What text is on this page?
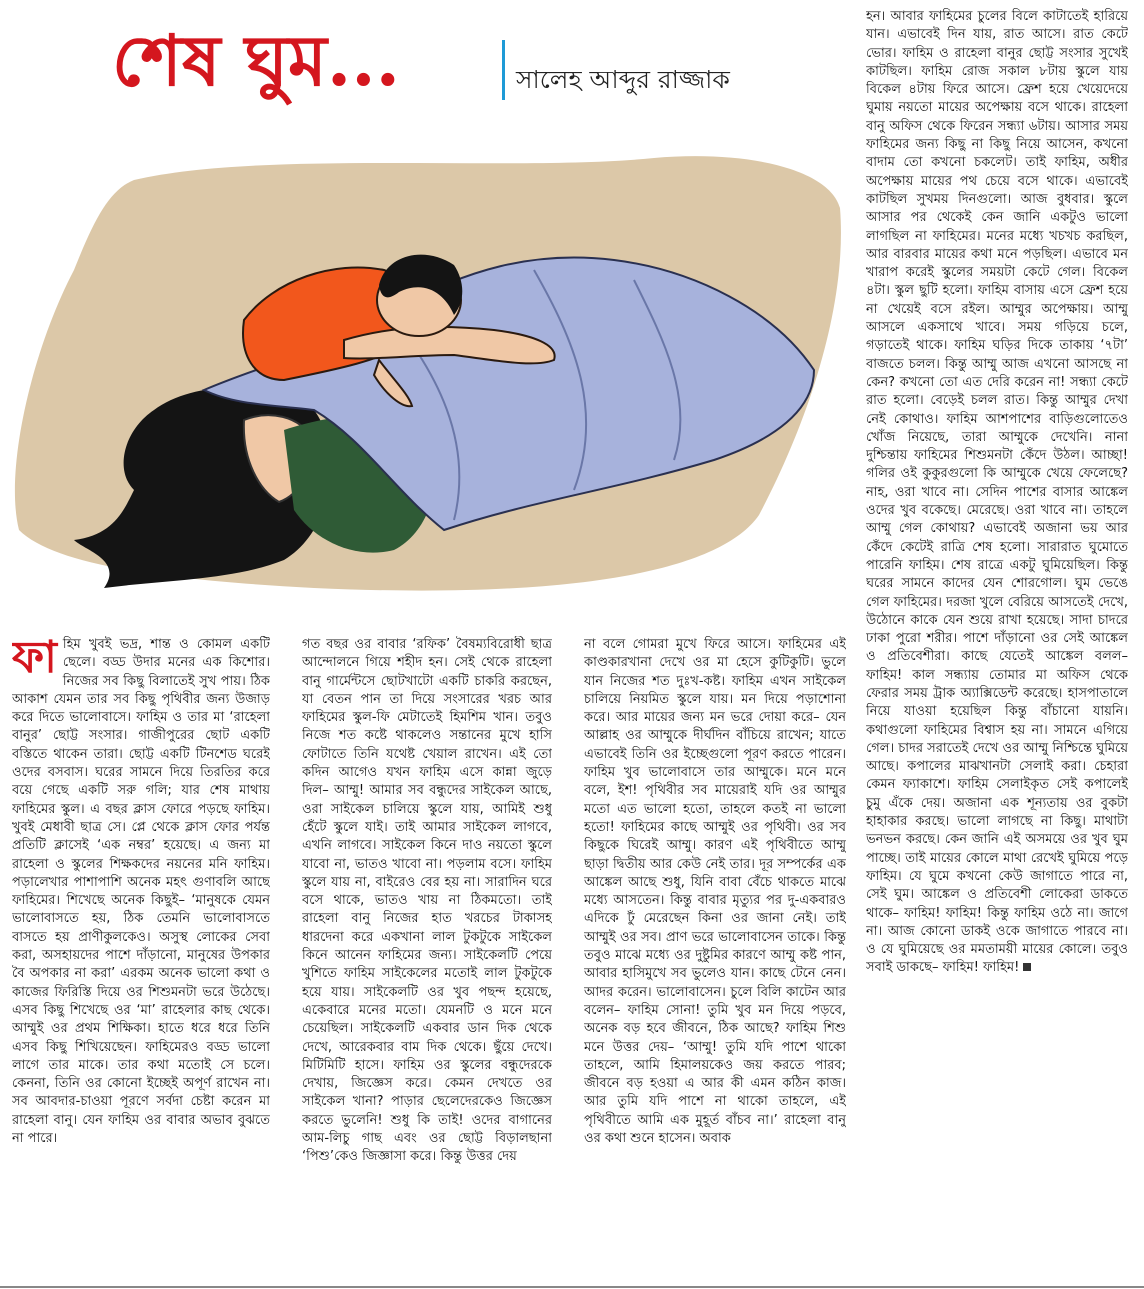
শেষ ঘুম...	সালেহ আব্দুর রাজ্জাক
ফা হিম খুবই ভদ্র, শান্ত ও কোমল একটি ছেলে। বড্ড উদার মনের এক কিশোর। নিজের সব কিছু বিলাতেই সুখ পায়। ঠিক আকাশ যেমন তার সব কিছু পৃথিবীর জন্য উজাড় করে দিতে ভালোবাসে। ফাহিম ও তার মা ‘রাহেলা বানুর’ ছোট্ট সংসার। গাজীপুরের ছোট একটি বস্তিতে থাকেন তারা। ছোট্ট একটি টিনশেড ঘরেই ওদের বসবাস। ঘরের সামনে দিয়ে তিরতির করে বয়ে গেছে একটি সরু গলি; যার শেষ মাথায় ফাহিমের স্কুল। এ বছর ক্লাস ফোরে পড়ছে ফাহিম। খুবই মেধাবী ছাত্র সে। প্লে থেকে ক্লাস ফোর পর্যন্ত প্রতিটি ক্লাসেই ‘এক নম্বর’ হয়েছে। এ জন্য মা রাহেলা ও স্কুলের শিক্ষকদের নয়নের মনি ফাহিম। পড়ালেখার পাশাপাশি অনেক মহৎ গুণাবলি আছে ফাহিমের। শিখেছে অনেক কিছুই– ‘মানুষকে যেমন ভালোবাসতে হয়, ঠিক তেমনি ভালোবাসতে বাসতে হয় প্রাণীকুলকেও। অসুস্থ লোকের সেবা করা, অসহায়দের পাশে দাঁড়ানো, মানুষের উপকার বৈ অপকার না করা’ এরকম অনেক ভালো কথা ও কাজের ফিরিস্তি দিয়ে ওর শিশুমনটা ভরে উঠেছে। এসব কিছু শিখেছে ওর ‘মা’ রাহেলার কাছ থেকে। আম্মুই ওর প্রথম শিক্ষিকা। হাতে ধরে ধরে তিনি এসব কিছু শিখিয়েছেন। ফাহিমেরও বড্ড ভালো লাগে তার মাকে। তার কথা মতোই সে চলে। কেননা, তিনি ওর কোনো ইচ্ছেই অপূর্ণ রাখেন না। সব আবদার-চাওয়া পূরণে সর্বদা চেষ্টা করেন মা রাহেলা বানু। যেন ফাহিম ওর বাবার অভাব বুঝতে না পারে।
গত বছর ওর বাবার ‘রফিক’ বৈষম্যবিরোধী ছাত্র আন্দোলনে গিয়ে শহীদ হন। সেই থেকে রাহেলা বানু গার্মেন্টসে ছোটখাটো একটি চাকরি করছেন, যা বেতন পান তা দিয়ে সংসারের খরচ আর ফাহিমের স্কুল-ফি মেটাতেই হিমশিম খান। তবুও নিজে শত কষ্টে থাকলেও সন্তানের মুখে হাসি ফোটাতে তিনি যথেষ্ট খেয়াল রাখেন। এই তো কদিন আগেও যখন ফাহিম এসে কান্না জুড়ে দিল– আম্মু! আমার সব বন্ধুদের সাইকেল আছে, ওরা সাইকেল চালিয়ে স্কুলে যায়, আমিই শুধু হেঁটে স্কুলে যাই। তাই আমার সাইকেল লাগবে, এখনি লাগবে। সাইকেল কিনে দাও নয়তো স্কুলে যাবো না, ভাতও খাবো না। পড়লাম বসে। ফাহিম স্কুলে যায় না, বাইরেও বের হয় না। সারাদিন ঘরে বসে থাকে, ভাতও খায় না ঠিকমতো। তাই রাহেলা বানু নিজের হাত খরচের টাকাসহ ধারদেনা করে একখানা লাল টুকটুকে সাইকেল কিনে আনেন ফাহিমের জন্য। সাইকেলটি পেয়ে খুশিতে ফাহিম সাইকেলের মতোই লাল টুকটুকে হয়ে যায়। সাইকেলটি ওর খুব পছন্দ হয়েছে, একেবারে মনের মতো। যেমনটি ও মনে মনে চেয়েছিল। সাইকেলটি একবার ডান দিক থেকে দেখে, আরেকবার বাম দিক থেকে। ছুঁয়ে দেখে। মিটিমিটি হাসে। ফাহিম ওর স্কুলের বন্ধুদেরকে দেখায়, জিজ্ঞেস করে। কেমন দেখতে ওর সাইকেল খানা? পাড়ার ছেলেদেরকেও জিজ্ঞেস করতে ভুলেনি! শুধু কি তাই! ওদের বাগানের আম-লিচু গাছ এবং ওর ছোট্ট বিড়ালছানা ‘পিশু’কেও জিজ্ঞাসা করে। কিন্তু উত্তর দেয়
না বলে গোমরা মুখে ফিরে আসে। ফাহিমের এই কাণ্ডকারখানা দেখে ওর মা হেসে কুটিকুটি। ভুলে যান নিজের শত দুঃখ-কষ্ট। ফাহিম এখন সাইকেল চালিয়ে নিয়মিত স্কুলে যায়। মন দিয়ে পড়াশোনা করে। আর মায়ের জন্য মন ভরে দোয়া করে– যেন আল্লাহ ওর আম্মুকে দীর্ঘদিন বাঁচিয়ে রাখেন; যাতে এভাবেই তিনি ওর ইচ্ছেগুলো পূরণ করতে পারেন। ফাহিম খুব ভালোবাসে তার আম্মুকে। মনে মনে বলে, ইশ! পৃথিবীর সব মায়েরাই যদি ওর আম্মুর মতো এত ভালো হতো, তাহলে কতই না ভালো হতো! ফাহিমের কাছে আম্মুই ওর পৃথিবী। ওর সব কিছুকে ঘিরেই আম্মু। কারণ এই পৃথিবীতে আম্মু ছাড়া দ্বিতীয় আর কেউ নেই তার। দূর সম্পর্কের এক আঙ্কেল আছে শুধু, যিনি বাবা বেঁচে থাকতে মাঝে মধ্যে আসতেন। কিন্তু বাবার মৃত্যুর পর দু-একবারও এদিকে ঢুঁ মেরেছেন কিনা ওর জানা নেই। তাই আম্মুই ওর সব। প্রাণ ভরে ভালোবাসেন তাকে। কিন্তু তবুও মাঝে মধ্যে ওর দুষ্টুমির কারণে আম্মু কষ্ট পান, আবার হাসিমুখে সব ভুলেও যান। কাছে টেনে নেন। আদর করেন। ভালোবাসেন। চুলে বিলি কাটেন আর বলেন– ফাহিম সোনা! তুমি খুব মন দিয়ে পড়বে, অনেক বড় হবে জীবনে, ঠিক আছে? ফাহিম শিশু মনে উত্তর দেয়– ‘আম্মু! তুমি যদি পাশে থাকো তাহলে, আমি হিমালয়কেও জয় করতে পারব; জীবনে বড় হওয়া এ আর কী এমন কঠিন কাজ। আর তুমি যদি পাশে না থাকো তাহলে, এই পৃথিবীতে আমি এক মুহূর্ত বাঁচব না।’ রাহেলা বানু ওর কথা শুনে হাসেন। অবাক
হন। আবার ফাহিমের চুলের বিলে কাটাতেই হারিয়ে যান। এভাবেই দিন যায়, রাত আসে। রাত কেটে ভোর। ফাহিম ও রাহেলা বানুর ছোট্ট সংসার সুখেই কাটছিল। ফাহিম রোজ সকাল ৮টায় স্কুলে যায় বিকেল ৪টায় ফিরে আসে। ফ্রেশ হয়ে খেয়েদেয়ে ঘুমায় নয়তো মায়ের অপেক্ষায় বসে থাকে। রাহেলা বানু অফিস থেকে ফিরেন সন্ধ্যা ৬টায়। আসার সময় ফাহিমের জন্য কিছু না কিছু নিয়ে আসেন, কখনো বাদাম তো কখনো চকলেট। তাই ফাহিম, অধীর অপেক্ষায় মায়ের পথ চেয়ে বসে থাকে। এভাবেই কাটছিল সুখময় দিনগুলো। আজ বুধবার। স্কুলে আসার পর থেকেই কেন জানি একটুও ভালো লাগছিল না ফাহিমের। মনের মধ্যে খচখচ করছিল, আর বারবার মায়ের কথা মনে পড়ছিল। এভাবে মন খারাপ করেই স্কুলের সময়টা কেটে গেল। বিকেল ৪টা। স্কুল ছুটি হলো। ফাহিম বাসায় এসে ফ্রেশ হয়ে না খেয়েই বসে রইল। আম্মুর অপেক্ষায়। আম্মু আসলে একসাথে খাবে। সময় গড়িয়ে চলে, গড়াতেই থাকে। ফাহিম ঘড়ির দিকে তাকায় ‘৭টা’ বাজতে চলল। কিন্তু আম্মু আজ এখনো আসছে না কেন? কখনো তো এত দেরি করেন না! সন্ধ্যা কেটে রাত হলো। বেড়েই চলল রাত। কিন্তু আম্মুর দেখা নেই কোথাও। ফাহিম আশপাশের বাড়িগুলোতেও খোঁজ নিয়েছে, তারা আম্মুকে দেখেনি। নানা দুশ্চিন্তায় ফাহিমের শিশুমনটা কেঁদে উঠল। আচ্ছা! গলির ওই কুকুরগুলো কি আম্মুকে খেয়ে ফেলেছে? নাহ, ওরা খাবে না। সেদিন পাশের বাসার আঙ্কেল ওদের খুব বকেছে। মেরেছে। ওরা খাবে না। তাহলে আম্মু গেল কোথায়? এভাবেই অজানা ভয় আর কেঁদে কেটেই রাত্রি শেষ হলো। সারারাত ঘুমোতে পারেনি ফাহিম। শেষ রাত্রে একটু ঘুমিয়েছিল। কিন্তু ঘরের সামনে কাদের যেন শোরগোল। ঘুম ভেঙে গেল ফাহিমের। দরজা খুলে বেরিয়ে আসতেই দেখে, উঠোনে কাকে যেন শুয়ে রাখা হয়েছে। সাদা চাদরে ঢাকা পুরো শরীর। পাশে দাঁড়ানো ওর সেই আঙ্কেল ও প্রতিবেশীরা। কাছে যেতেই আঙ্কেল বলল– ফাহিম! কাল সন্ধ্যায় তোমার মা অফিস থেকে ফেরার সময় ট্রাক অ্যাক্সিডেন্ট করেছে। হাসপাতালে নিয়ে যাওয়া হয়েছিল কিন্তু বাঁচানো যায়নি। কথাগুলো ফাহিমের বিশ্বাস হয় না। সামনে এগিয়ে গেল। চাদর সরাতেই দেখে ওর আম্মু নিশ্চিন্তে ঘুমিয়ে আছে। কপালের মাঝখানটা সেলাই করা। চেহারা কেমন ফ্যাকাশে। ফাহিম সেলাইকৃত সেই কপালেই চুমু এঁকে দেয়। অজানা এক শূন্যতায় ওর বুকটা হাহাকার করছে। ভালো লাগছে না কিছু। মাথাটা ভনভন করছে। কেন জানি এই অসময়ে ওর খুব ঘুম পাচ্ছে। তাই মায়ের কোলে মাথা রেখেই ঘুমিয়ে পড়ে ফাহিম। যে ঘুমে কখনো কেউ জাগাতে পারে না, সেই ঘুম। আঙ্কেল ও প্রতিবেশী লোকেরা ডাকতে থাকে– ফাহিম! ফাহিম! কিন্তু ফাহিম ওঠে না। জাগে না। আজ কোনো ডাকই ওকে জাগাতে পারবে না। ও যে ঘুমিয়েছে ওর মমতাময়ী মায়ের কোলে। তবুও সবাই ডাকছে– ফাহিম! ফাহিম!
